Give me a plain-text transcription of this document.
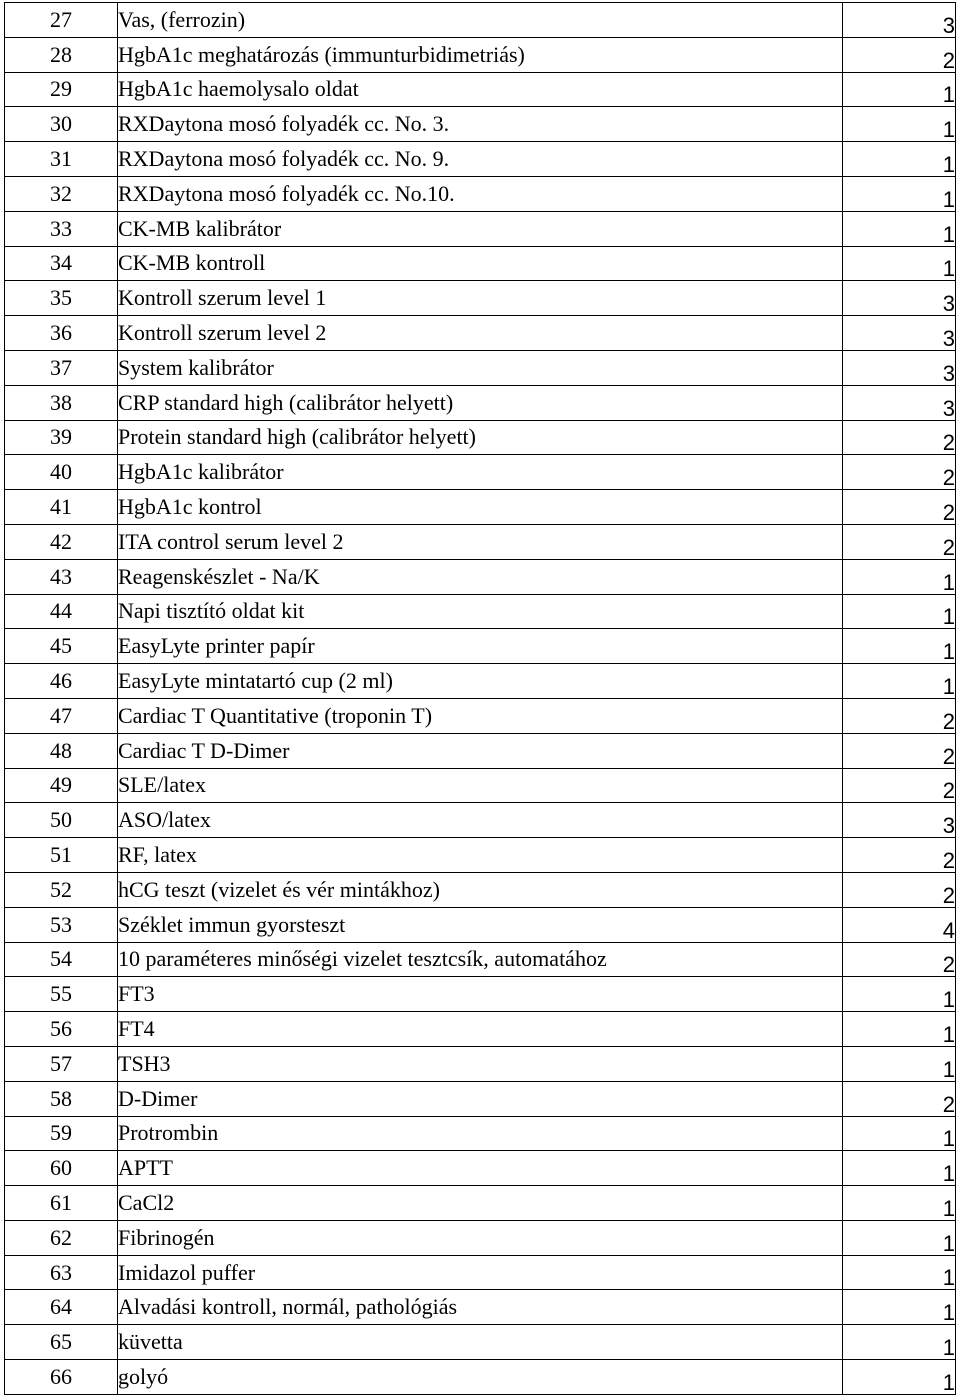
27	Vas, (ferrozin)	3
28	HgbA1c meghatározás (immunturbidimetriás)	2
29	HgbA1c haemolysalo oldat	1
30	RXDaytona mosó folyadék cc. No. 3.	1
31	RXDaytona mosó folyadék cc. No. 9.	1
32	RXDaytona mosó folyadék cc. No.10.	1
33	CK-MB kalibrátor	1
34	CK-MB kontroll	1
35	Kontroll szerum level 1	3
36	Kontroll szerum level 2	3
37	System kalibrátor	3
38	CRP standard high (calibrátor helyett)	3
39	Protein standard high (calibrátor helyett)	2
40	HgbA1c kalibrátor	2
41	HgbA1c kontrol	2
42	ITA control serum level 2	2
43	Reagenskészlet - Na/K	1
44	Napi tisztító oldat kit	1
45	EasyLyte printer papír	1
46	EasyLyte mintatartó cup (2 ml)	1
47	Cardiac T Quantitative (troponin T)	2
48	Cardiac T D-Dimer	2
49	SLE/latex	2
50	ASO/latex	3
51	RF, latex	2
52	hCG teszt (vizelet és vér mintákhoz)	2
53	Széklet immun gyorsteszt	4
54	10 paraméteres minőségi vizelet tesztcsík, automatához	2
55	FT3	1
56	FT4	1
57	TSH3	1
58	D-Dimer	2
59	Protrombin	1
60	APTT	1
61	CaCl2	1
62	Fibrinogén	1
63	Imidazol puffer	1
64	Alvadási kontroll, normál, pathológiás	1
65	küvetta	1
66	golyó	1
